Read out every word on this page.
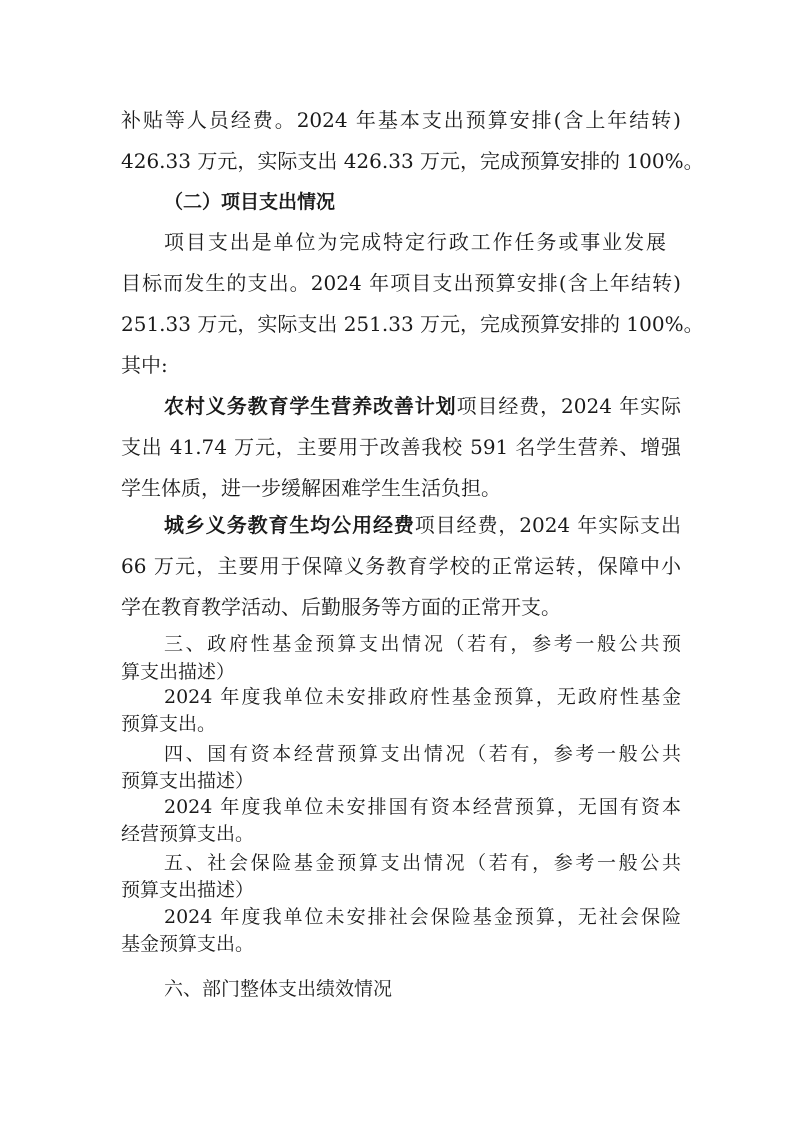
补贴等人员经费。2024 年基本支出预算安排(含上年结转)
426.33 万元，实际支出 426.33 万元，完成预算安排的 100%。
（二）项目支出情况
项目支出是单位为完成特定行政工作任务或事业发展
目标而发生的支出。2024 年项目支出预算安排(含上年结转)
251.33 万元，实际支出 251.33 万元，完成预算安排的 100%。
其中:
农村义务教育学生营养改善计划项目经费，2024 年实际
支出 41.74 万元，主要用于改善我校 591 名学生营养、增强
学生体质，进一步缓解困难学生生活负担。
城乡义务教育生均公用经费项目经费，2024 年实际支出
66 万元，主要用于保障义务教育学校的正常运转，保障中小
学在教育教学活动、后勤服务等方面的正常开支。
三、政府性基金预算支出情况（若有，参考一般公共预
算支出描述）
2024 年度我单位未安排政府性基金预算，无政府性基金
预算支出。
四、国有资本经营预算支出情况（若有，参考一般公共
预算支出描述）
2024 年度我单位未安排国有资本经营预算，无国有资本
经营预算支出。
五、社会保险基金预算支出情况（若有，参考一般公共
预算支出描述）
2024 年度我单位未安排社会保险基金预算，无社会保险
基金预算支出。
六、部门整体支出绩效情况
